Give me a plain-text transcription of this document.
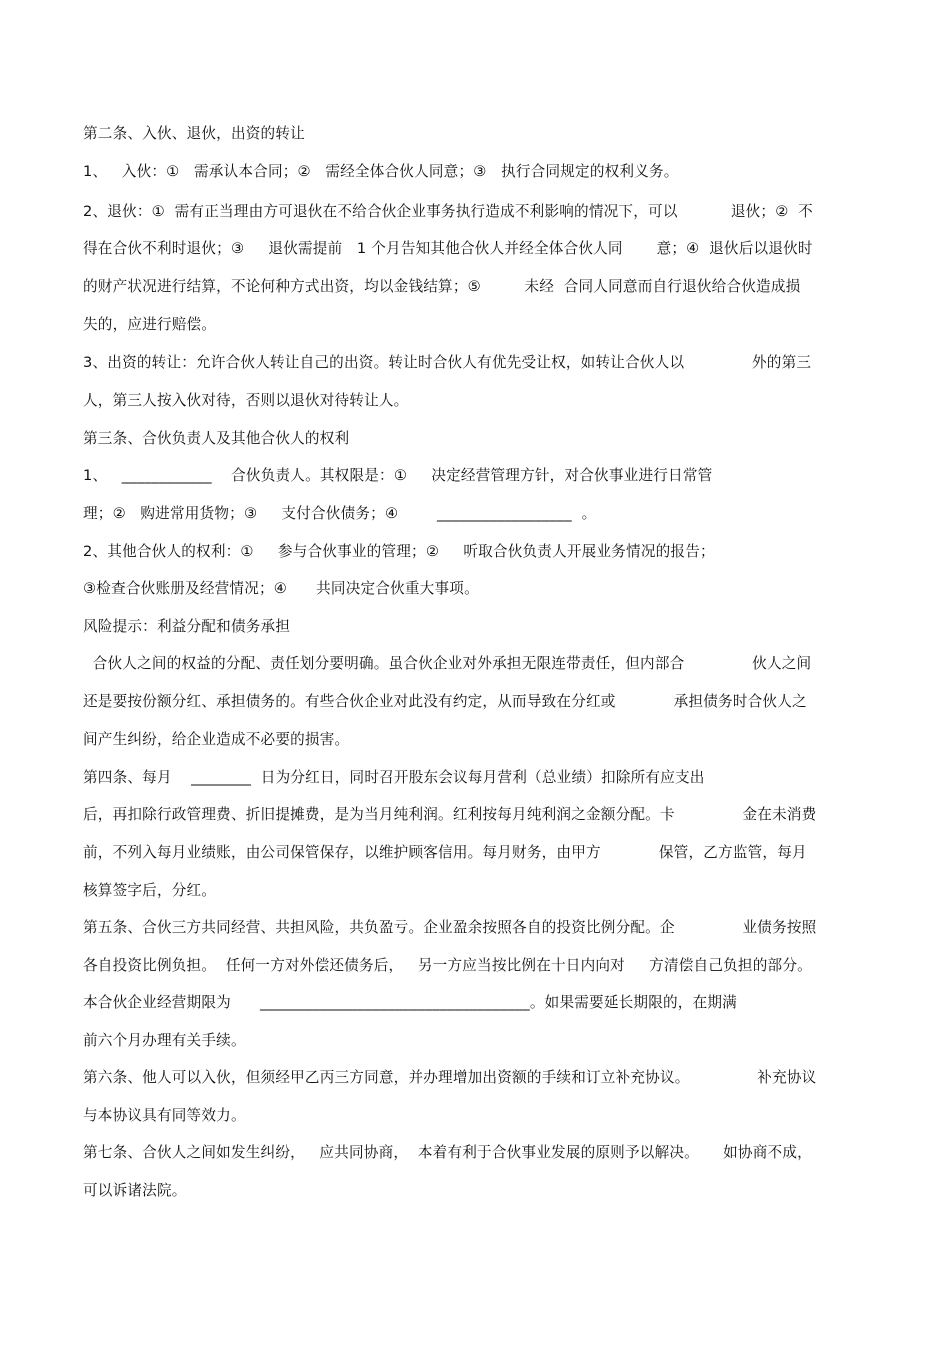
第二条、入伙、退伙，出资的转让
1、   入伙：①   需承认本合同；②   需经全体合伙人同意；③   执行合同规定的权利义务。
2、退伙：①  需有正当理由方可退伙在不给合伙企业事务执行造成不利影响的情况下，可以           退伙；②  不
得在合伙不利时退伙；③     退伙需提前   1 个月告知其他合伙人并经全体合伙人同       意；④  退伙后以退伙时
的财产状况进行结算，不论何种方式出资，均以金钱结算；⑤         未经  合同人同意而自行退伙给合伙造成损
失的，应进行赔偿。
3、出资的转让：允许合伙人转让自己的出资。转让时合伙人有优先受让权，如转让合伙人以              外的第三
人，第三人按入伙对待，否则以退伙对待转让人。
第三条、合伙负责人及其他合伙人的权利
1、   ____________    合伙负责人。其权限是：①     决定经营管理方针，对合伙事业进行日常管
理；②   购进常用货物；③     支付合伙债务；④        __________________  。
2、其他合伙人的权利：①     参与合伙事业的管理；②     听取合伙负责人开展业务情况的报告；
③检查合伙账册及经营情况；④      共同决定合伙重大事项。
风险提示：利益分配和债务承担
合伙人之间的权益的分配、责任划分要明确。虽合伙企业对外承担无限连带责任，但内部合              伙人之间
还是要按份额分红、承担债务的。有些合伙企业对此没有约定，从而导致在分红或            承担债务时合伙人之
间产生纠纷，给企业造成不必要的损害。
第四条、每月    ________  日为分红日，同时召开股东会议每月营利（总业绩）扣除所有应支出
后，再扣除行政管理费、折旧提摊费，是为当月纯利润。红利按每月纯利润之金额分配。卡              金在未消费
前，不列入每月业绩账，由公司保管保存，以维护顾客信用。每月财务，由甲方            保管，乙方监管，每月
核算签字后，分红。
第五条、合伙三方共同经营、共担风险，共负盈亏。企业盈余按照各自的投资比例分配。企              业债务按照
各自投资比例负担。  任何一方对外偿还债务后，   另一方应当按比例在十日内向对     方清偿自己负担的部分。
本合伙企业经营期限为      ____________________________________。如果需要延长期限的，在期满
前六个月办理有关手续。
第六条、他人可以入伙，但须经甲乙丙三方同意，并办理增加出资额的手续和订立补充协议。              补充协议
与本协议具有同等效力。
第七条、合伙人之间如发生纠纷，   应共同协商，  本着有利于合伙事业发展的原则予以解决。     如协商不成，
可以诉诸法院。
